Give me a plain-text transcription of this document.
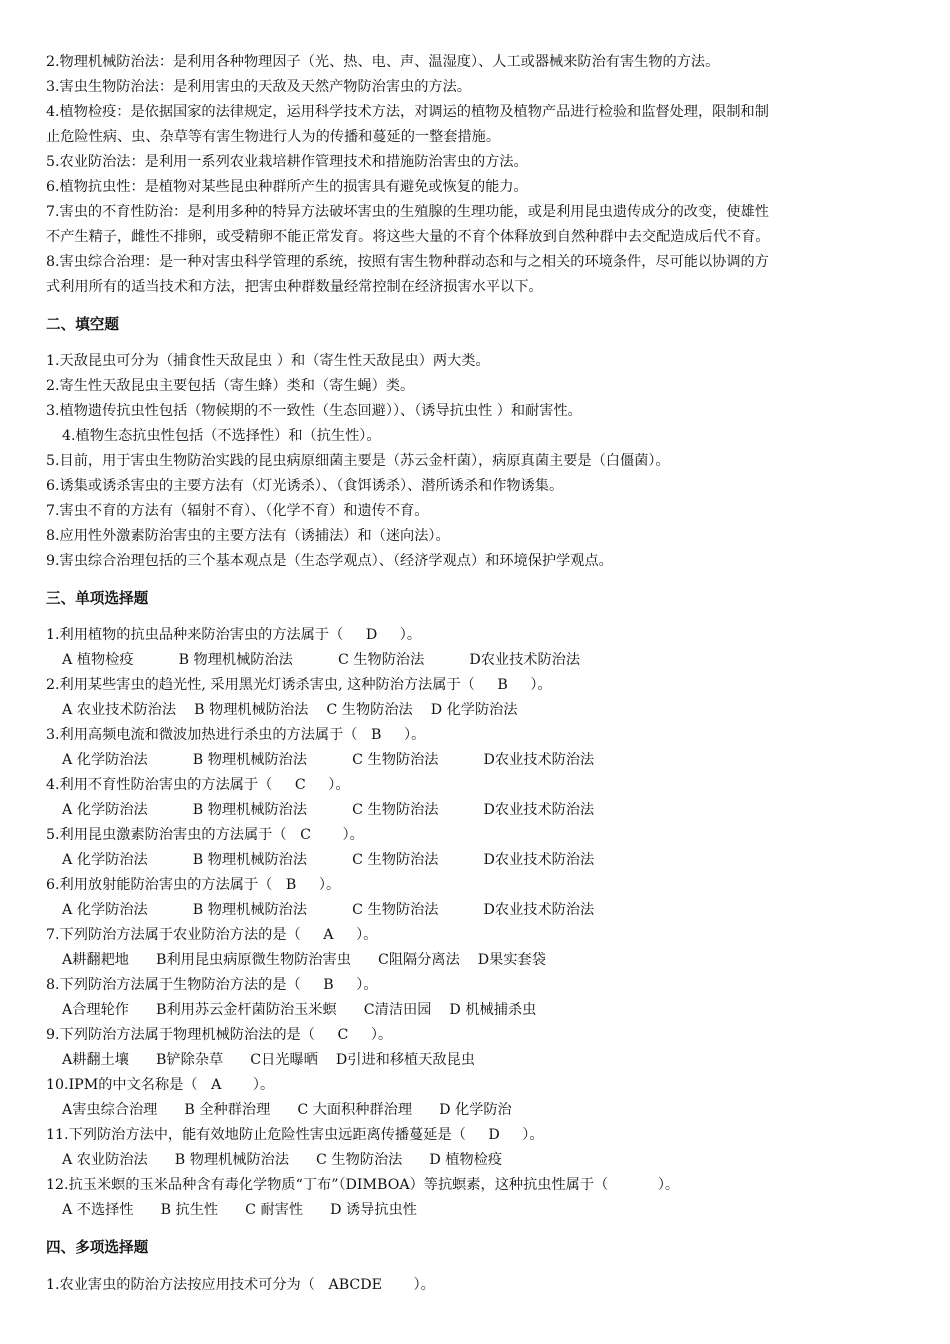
2.物理机械防治法：是利用各种物理因子（光、热、电、声、温湿度）、人工或器械来防治有害生物的方法。
3.害虫生物防治法：是利用害虫的天敌及天然产物防治害虫的方法。
4.植物检疫：是依据国家的法律规定，运用科学技术方法，对调运的植物及植物产品进行检验和监督处理，限制和制
止危险性病、虫、杂草等有害生物进行人为的传播和蔓延的一整套措施。
5.农业防治法：是利用一系列农业栽培耕作管理技术和措施防治害虫的方法。
6.植物抗虫性：是植物对某些昆虫种群所产生的损害具有避免或恢复的能力。
7.害虫的不育性防治：是利用多种的特异方法破坏害虫的生殖腺的生理功能，或是利用昆虫遗传成分的改变，使雄性
不产生精子，雌性不排卵，或受精卵不能正常发育。将这些大量的不育个体释放到自然种群中去交配造成后代不育。
8.害虫综合治理：是一种对害虫科学管理的系统，按照有害生物种群动态和与之相关的环境条件，尽可能以协调的方
式利用所有的适当技术和方法，把害虫种群数量经常控制在经济损害水平以下。
二、填空题
1.天敌昆虫可分为（捕食性天敌昆虫 ）和（寄生性天敌昆虫）两大类。
2.寄生性天敌昆虫主要包括（寄生蜂）类和（寄生蝇）类。
3.植物遗传抗虫性包括（物候期的不一致性（生态回避））、（诱导抗虫性 ）和耐害性。
4.植物生态抗虫性包括（不选择性）和（抗生性）。
5.目前，用于害虫生物防治实践的昆虫病原细菌主要是（苏云金杆菌），病原真菌主要是（白僵菌）。
6.诱集或诱杀害虫的主要方法有（灯光诱杀）、（食饵诱杀）、潜所诱杀和作物诱集。
7.害虫不育的方法有（辐射不育）、（化学不育）和遗传不育。
8.应用性外激素防治害虫的主要方法有（诱捕法）和（迷向法）。
9.害虫综合治理包括的三个基本观点是（生态学观点）、（经济学观点）和环境保护学观点。
三、单项选择题
1.利用植物的抗虫品种来防治害虫的方法属于（     D     ）。
A 植物检疫          B 物理机械防治法          C 生物防治法          D农业技术防治法
2.利用某些害虫的趋光性, 采用黑光灯诱杀害虫, 这种防治方法属于（     B     ）。
A 农业技术防治法    B 物理机械防治法    C 生物防治法    D 化学防治法
3.利用高频电流和微波加热进行杀虫的方法属于（   B     ）。
A 化学防治法          B 物理机械防治法          C 生物防治法          D农业技术防治法
4.利用不育性防治害虫的方法属于（     C     ）。
A 化学防治法          B 物理机械防治法          C 生物防治法          D农业技术防治法
5.利用昆虫激素防治害虫的方法属于（   C       ）。
A 化学防治法          B 物理机械防治法          C 生物防治法          D农业技术防治法
6.利用放射能防治害虫的方法属于（   B     ）。
A 化学防治法          B 物理机械防治法          C 生物防治法          D农业技术防治法
7.下列防治方法属于农业防治方法的是（     A     ）。
A耕翻耙地      B利用昆虫病原微生物防治害虫      C阻隔分离法    D果实套袋
8.下列防治方法属于生物防治方法的是（     B     ）。
A合理轮作      B利用苏云金杆菌防治玉米螟      C清洁田园    D 机械捕杀虫
9.下列防治方法属于物理机械防治法的是（     C     ）。
A耕翻土壤      B铲除杂草      C日光曝晒    D引进和移植天敌昆虫
10.IPM的中文名称是（   A       ）。
A害虫综合治理      B 全种群治理      C 大面积种群治理      D 化学防治
11.下列防治方法中，能有效地防止危险性害虫远距离传播蔓延是（     D     ）。
A 农业防治法      B 物理机械防治法      C 生物防治法      D 植物检疫
12.抗玉米螟的玉米品种含有毒化学物质“丁布”（DIMBOA）等抗螟素，这种抗虫性属于（           ）。
A 不选择性      B 抗生性      C 耐害性      D 诱导抗虫性
四、多项选择题
1.农业害虫的防治方法按应用技术可分为（   ABCDE       ）。
